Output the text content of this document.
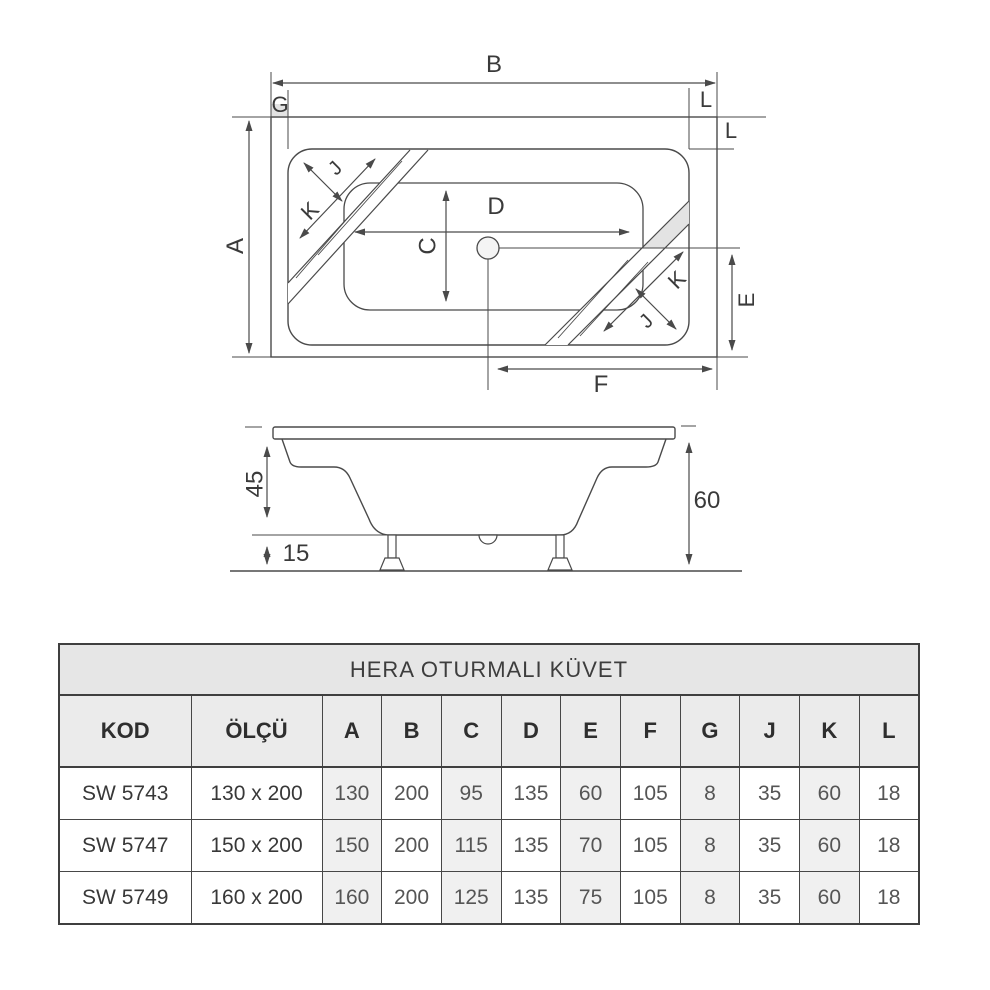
B
G	L
L
A	C
D
E
F
K
J
K
J
45
15
60
HERA OTURMALI KÜVET											
KOD	ÖLÇÜ	A	B	C	D	E	F	G	J	K	L
SW 5743	130 x 200	130	200	95	135	60	105	8	35	60	18
SW 5747	150 x 200	150	200	115	135	70	105	8	35	60	18
SW 5749	160 x 200	160	200	125	135	75	105	8	35	60	18
